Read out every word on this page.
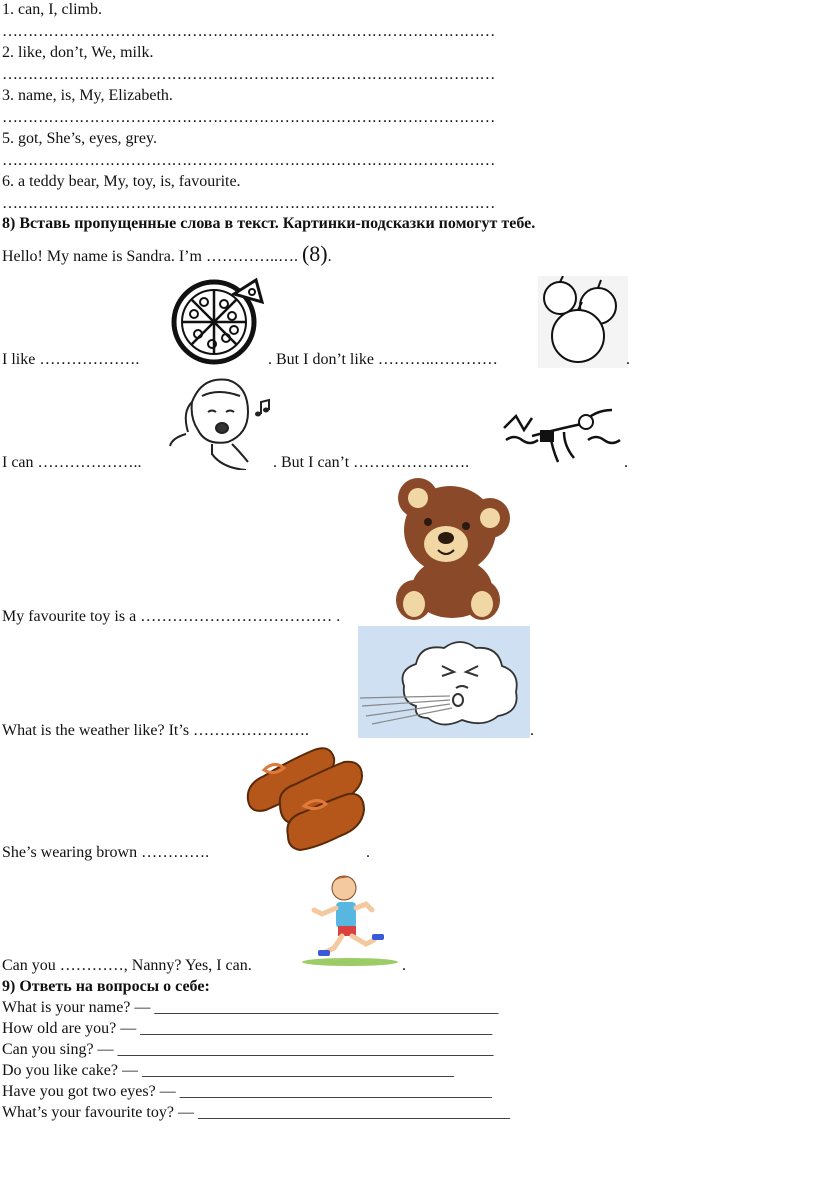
1. can, I, climb.
……………………………………………………………………………………
2. like, don’t, We, milk.
……………………………………………………………………………………
3. name, is, My, Elizabeth.
……………………………………………………………………………………
5. got, She’s, eyes, grey.
……………………………………………………………………………………
6. a teddy bear, My, toy, is, favourite.
……………………………………………………………………………………
8) Вставь пропущенные слова в текст. Картинки-подсказки помогут тебе.
Hello! My name is Sandra. I’m …………..…. (8).
I like ……………….	. But I don’t like ………..…………	.
I can ………………..	. But I can’t ………………….	.
My favourite toy is a ……………………………… .
What is the weather like? It’s ………………….	.
She’s wearing brown ………….	.
Can you …………, Nanny? Yes, I can.	.
9) Ответь на вопросы о себе:
What is your name? — ___________________________________________
How old are you? — ____________________________________________
Can you sing? — _______________________________________________
Do you like cake? — _______________________________________
Have you got two eyes? — _______________________________________
What’s your favourite toy? — _______________________________________
